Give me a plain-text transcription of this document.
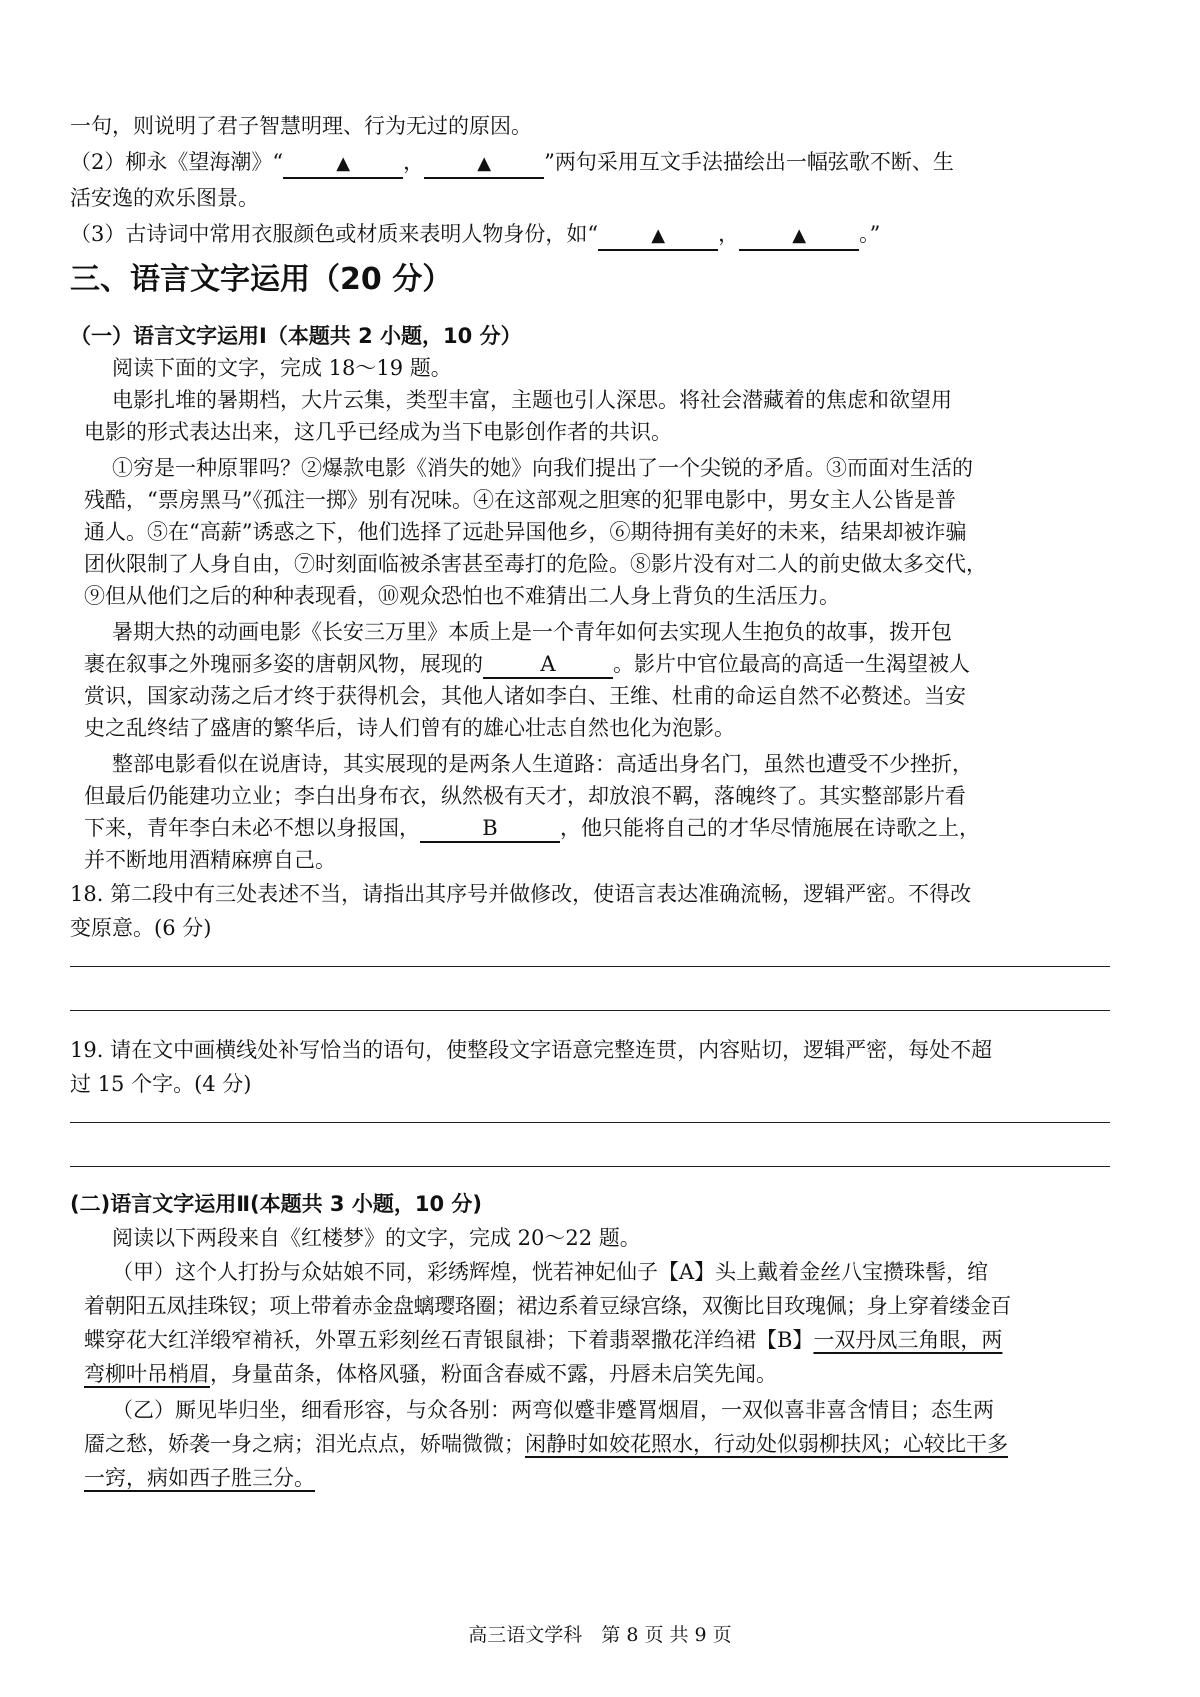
一句，则说明了君子智慧明理、行为无过的原因。
（2）柳永《望海潮》“	▲	，	▲	”两句采用互文手法描绘出一幅弦歌不断、生
活安逸的欢乐图景。
（3）古诗词中常用衣服颜色或材质来表明人物身份，如“	▲	，	▲	。”
三、语言文字运用（20 分）
（一）语言文字运用Ⅰ（本题共 2 小题，10 分）
阅读下面的文字，完成 18～19 题。
电影扎堆的暑期档，大片云集，类型丰富，主题也引人深思。将社会潜藏着的焦虑和欲望用
电影的形式表达出来，这几乎已经成为当下电影创作者的共识。
①穷是一种原罪吗？②爆款电影《消失的她》向我们提出了一个尖锐的矛盾。③而面对生活的
残酷，“票房黑马”《孤注一掷》别有况味。④在这部观之胆寒的犯罪电影中，男女主人公皆是普
通人。⑤在“高薪”诱惑之下，他们选择了远赴异国他乡，⑥期待拥有美好的未来，结果却被诈骗
团伙限制了人身自由，⑦时刻面临被杀害甚至毒打的危险。⑧影片没有对二人的前史做太多交代，
⑨但从他们之后的种种表现看，⑩观众恐怕也不难猜出二人身上背负的生活压力。
暑期大热的动画电影《长安三万里》本质上是一个青年如何去实现人生抱负的故事，拨开包
裹在叙事之外瑰丽多姿的唐朝风物，展现的	A	。影片中官位最高的高适一生渴望被人
赏识，国家动荡之后才终于获得机会，其他人诸如李白、王维、杜甫的命运自然不必赘述。当安
史之乱终结了盛唐的繁华后，诗人们曾有的雄心壮志自然也化为泡影。
整部电影看似在说唐诗，其实展现的是两条人生道路：高适出身名门，虽然也遭受不少挫折，
但最后仍能建功立业；李白出身布衣，纵然极有天才，却放浪不羁，落魄终了。其实整部影片看
下来，青年李白未必不想以身报国，	B	，他只能将自己的才华尽情施展在诗歌之上，
并不断地用酒精麻痹自己。
18. 第二段中有三处表述不当，请指出其序号并做修改，使语言表达准确流畅，逻辑严密。不得改
变原意。(6 分)
19. 请在文中画横线处补写恰当的语句，使整段文字语意完整连贯，内容贴切，逻辑严密，每处不超
过 15 个字。(4 分)
(二)语言文字运用Ⅱ(本题共 3 小题，10 分)
阅读以下两段来自《红楼梦》的文字，完成 20～22 题。
（甲）这个人打扮与众姑娘不同，彩绣辉煌，恍若神妃仙子【A】头上戴着金丝八宝攒珠髻，绾
着朝阳五凤挂珠钗；项上带着赤金盘螭璎珞圈；裙边系着豆绿宫绦，双衡比目玫瑰佩；身上穿着缕金百
蝶穿花大红洋缎窄褃袄，外罩五彩刻丝石青银鼠褂；下着翡翠撒花洋绉裙【B】一双丹凤三角眼，两
弯柳叶吊梢眉，身量苗条，体格风骚，粉面含春威不露，丹唇未启笑先闻。
（乙）厮见毕归坐，细看形容，与众各别：两弯似蹙非蹙罥烟眉，一双似喜非喜含情目；态生两
靥之愁，娇袭一身之病；泪光点点，娇喘微微；闲静时如姣花照水，行动处似弱柳扶风；心较比干多
一窍，病如西子胜三分。
高三语文学科　第 8 页 共 9 页
